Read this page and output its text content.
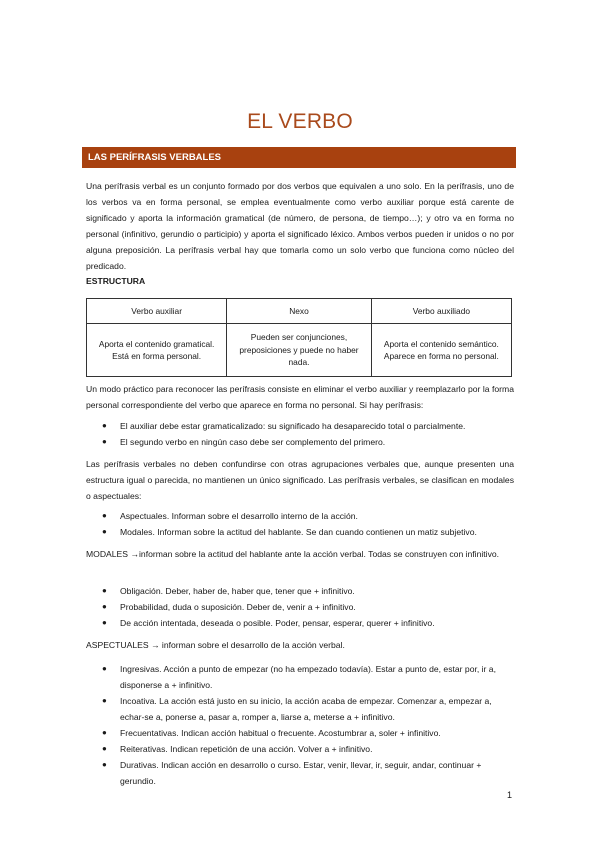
EL VERBO
LAS PERÍFRASIS VERBALES

Una perífrasis verbal es un conjunto formado por dos verbos que equivalen a uno solo. En la perífrasis, uno de los verbos va en forma personal, se emplea eventualmente como verbo auxiliar porque está carente de significado y aporta la información gramatical (de número, de persona, de tiempo…); y otro va en forma no personal (infinitivo, gerundio o participio) y aporta el significado léxico. Ambos verbos pueden ir unidos o no por alguna preposición. La perífrasis verbal hay que tomarla como un solo verbo que funciona como núcleo del predicado.

ESTRUCTURA

Verbo auxiliar	Nexo	Verbo auxiliado
Aporta el contenido gramatical. Está en forma personal.	Pueden ser conjunciones, preposiciones y puede no haber nada.	Aporta el contenido semántico. Aparece en forma no personal.

Un modo práctico para reconocer las perífrasis consiste en eliminar el verbo auxiliar y reemplazarlo por la forma personal correspondiente del verbo que aparece en forma no personal. Si hay perífrasis:

● El auxiliar debe estar gramaticalizado: su significado ha desaparecido total o parcialmente.
● El segundo verbo en ningún caso debe ser complemento del primero.

Las perífrasis verbales no deben confundirse con otras agrupaciones verbales que, aunque presenten una estructura igual o parecida, no mantienen un único significado. Las perífrasis verbales, se clasifican en modales o aspectuales:

● Aspectuales. Informan sobre el desarrollo interno de la acción.
● Modales. Informan sobre la actitud del hablante. Se dan cuando contienen un matiz subjetivo.

MODALES →informan sobre la actitud del hablante ante la acción verbal. Todas se construyen con infinitivo.

● Obligación. Deber, haber de, haber que, tener que + infinitivo.
● Probabilidad, duda o suposición. Deber de, venir a + infinitivo.
● De acción intentada, deseada o posible. Poder, pensar, esperar, querer + infinitivo.

ASPECTUALES → informan sobre el desarrollo de la acción verbal.

● Ingresivas. Acción a punto de empezar (no ha empezado todavía). Estar a punto de, estar por, ir a, disponerse a + infinitivo.
● Incoativa. La acción está justo en su inicio, la acción acaba de empezar. Comenzar a, empezar a, echar-se a, ponerse a, pasar a, romper a, liarse a, meterse a + infinitivo.
● Frecuentativas. Indican acción habitual o frecuente. Acostumbrar a, soler + infinitivo.
● Reiterativas. Indican repetición de una acción. Volver a + infinitivo.
● Durativas. Indican acción en desarrollo o curso. Estar, venir, llevar, ir, seguir, andar, continuar + gerundio.
1
